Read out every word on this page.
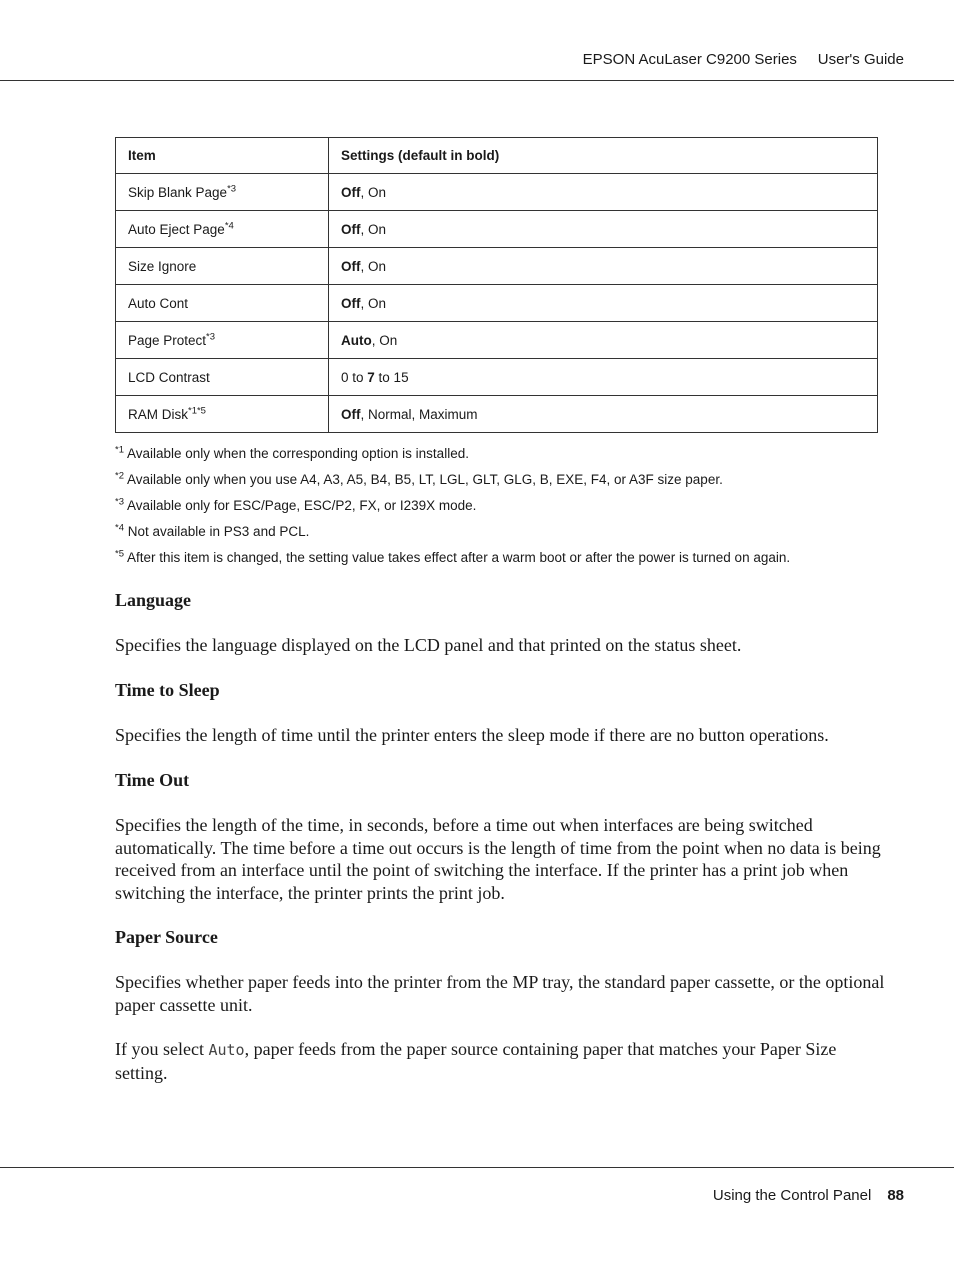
EPSON AcuLaser C9200 Series User's Guide
Item	Settings (default in bold)
Skip Blank Page$^{*3}$	Off, On
Auto Eject Page$^{*4}$	Off, On
Size Ignore	Off, On
Auto Cont	Off, On
Page Protect$^{*3}$	Auto, On
LCD Contrast	0 to 7 to 15
RAM Disk$^{*1*5}$	Off, Normal, Maximum
$^{*1}$ Available only when the corresponding option is installed.
$^{*2}$ Available only when you use A4, A3, A5, B4, B5, LT, LGL, GLT, GLG, B, EXE, F4, or A3F size paper.
$^{*3}$ Available only for ESC/Page, ESC/P2, FX, or I239X mode.
$^{*4}$ Not available in PS3 and PCL.
$^{*5}$ After this item is changed, the setting value takes effect after a warm boot or after the power is turned on again.
Language
Specifies the language displayed on the LCD panel and that printed on the status sheet.
Time to Sleep
Specifies the length of time until the printer enters the sleep mode if there are no button operations.
Time Out
Specifies the length of the time, in seconds, before a time out when interfaces are being switched automatically. The time before a time out occurs is the length of time from the point when no data is being received from an interface until the point of switching the interface. If the printer has a print job when switching the interface, the printer prints the print job.
Paper Source
Specifies whether paper feeds into the printer from the MP tray, the standard paper cassette, or the optional paper cassette unit.
If you select Auto, paper feeds from the paper source containing paper that matches your Paper Size setting.
Using the Control Panel 88
